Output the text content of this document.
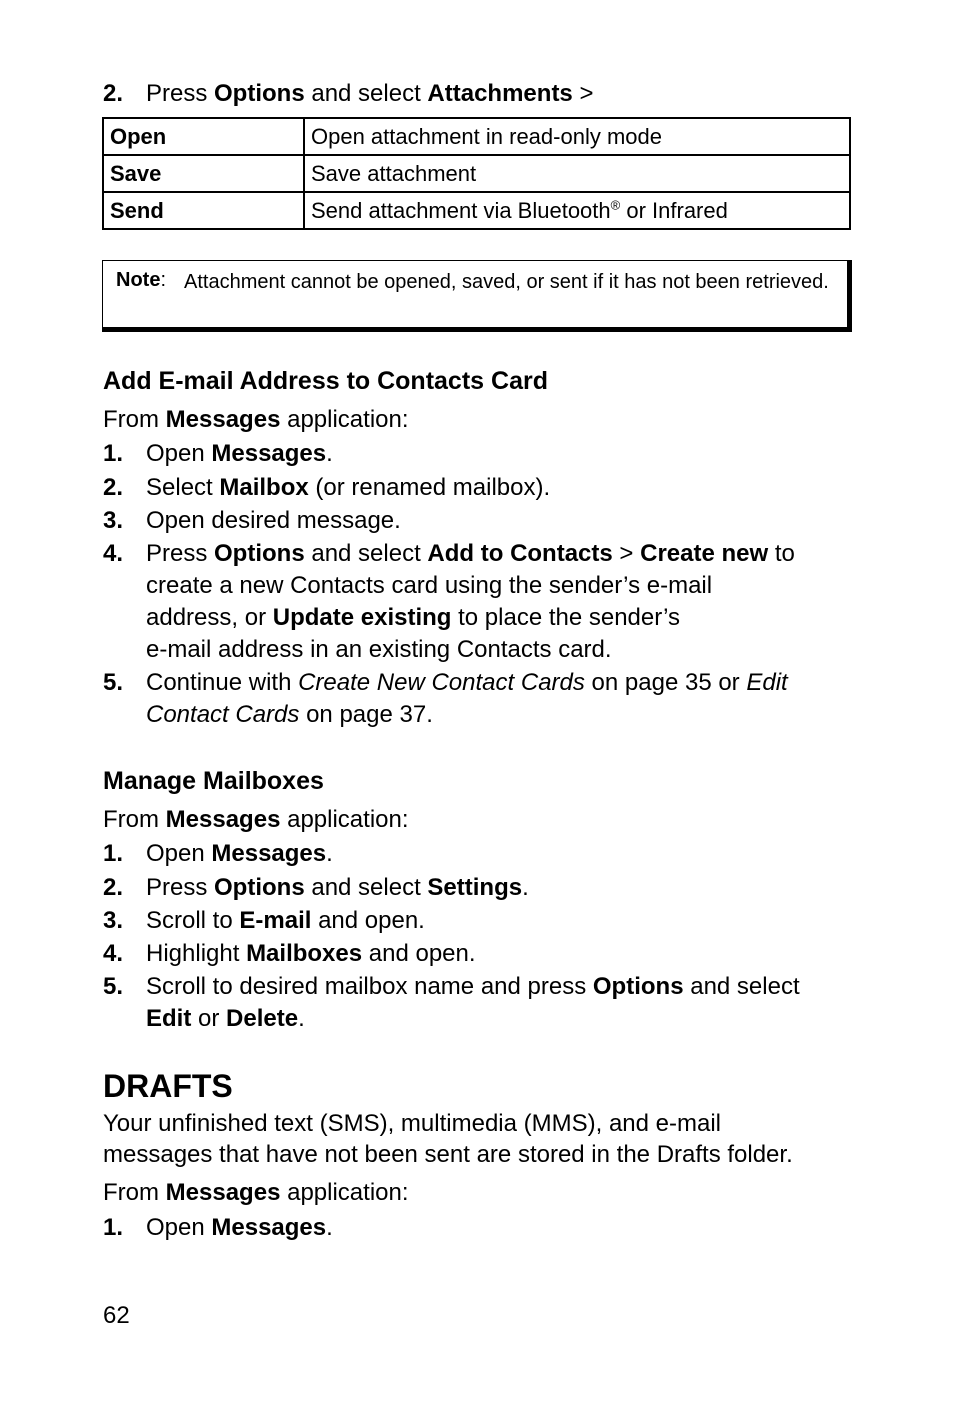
2. Press Options and select Attachments >
Open	Open attachment in read-only mode
Save	Save attachment
Send	Send attachment via Bluetooth® or Infrared
Note: Attachment cannot be opened, saved, or sent if it has not been retrieved.
Add E-mail Address to Contacts Card
From Messages application:
1. Open Messages.
2. Select Mailbox (or renamed mailbox).
3. Open desired message.
4. Press Options and select Add to Contacts > Create new to
create a new Contacts card using the sender’s e-mail
address, or Update existing to place the sender’s
e-mail address in an existing Contacts card.
5. Continue with Create New Contact Cards on page 35 or Edit
Contact Cards on page 37.
Manage Mailboxes
From Messages application:
1. Open Messages.
2. Press Options and select Settings.
3. Scroll to E-mail and open.
4. Highlight Mailboxes and open.
5. Scroll to desired mailbox name and press Options and select
Edit or Delete.
DRAFTS
Your unfinished text (SMS), multimedia (MMS), and e-mail
messages that have not been sent are stored in the Drafts folder.
From Messages application:
1. Open Messages.
62
